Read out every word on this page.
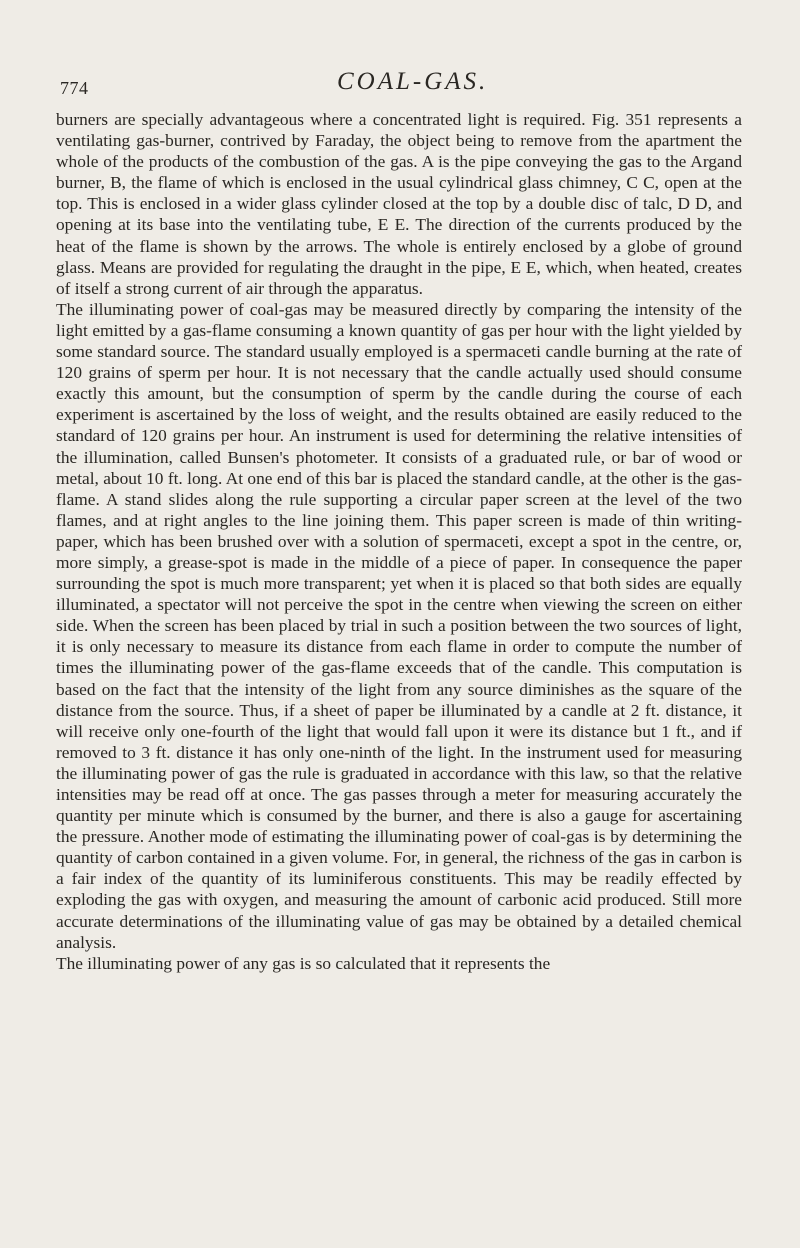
774	COAL-GAS.

burners are specially advantageous where a concentrated light is required. Fig. 351 represents a ventilating gas-burner, contrived by Faraday, the object being to remove from the apartment the whole of the products of the combustion of the gas. A is the pipe conveying the gas to the Argand burner, B, the flame of which is enclosed in the usual cylindrical glass chimney, C C, open at the top. This is enclosed in a wider glass cylinder closed at the top by a double disc of talc, D D, and opening at its base into the ventilating tube, E E. The direction of the currents produced by the heat of the flame is shown by the arrows. The whole is entirely enclosed by a globe of ground glass. Means are provided for regulating the draught in the pipe, E E, which, when heated, creates of itself a strong current of air through the apparatus.

The illuminating power of coal-gas may be measured directly by comparing the intensity of the light emitted by a gas-flame consuming a known quantity of gas per hour with the light yielded by some standard source. The standard usually employed is a spermaceti candle burning at the rate of 120 grains of sperm per hour. It is not necessary that the candle actually used should consume exactly this amount, but the consumption of sperm by the candle during the course of each experiment is ascertained by the loss of weight, and the results obtained are easily reduced to the standard of 120 grains per hour. An instrument is used for determining the relative intensities of the illumination, called Bunsen's photometer. It consists of a graduated rule, or bar of wood or metal, about 10 ft. long. At one end of this bar is placed the standard candle, at the other is the gas-flame. A stand slides along the rule supporting a circular paper screen at the level of the two flames, and at right angles to the line joining them. This paper screen is made of thin writing-paper, which has been brushed over with a solution of spermaceti, except a spot in the centre, or, more simply, a grease-spot is made in the middle of a piece of paper. In consequence the paper surrounding the spot is much more transparent; yet when it is placed so that both sides are equally illuminated, a spectator will not perceive the spot in the centre when viewing the screen on either side. When the screen has been placed by trial in such a position between the two sources of light, it is only necessary to measure its distance from each flame in order to compute the number of times the illuminating power of the gas-flame exceeds that of the candle. This computation is based on the fact that the intensity of the light from any source diminishes as the square of the distance from the source. Thus, if a sheet of paper be illuminated by a candle at 2 ft. distance, it will receive only one-fourth of the light that would fall upon it were its distance but 1 ft., and if removed to 3 ft. distance it has only one-ninth of the light. In the instrument used for measuring the illuminating power of gas the rule is graduated in accordance with this law, so that the relative intensities may be read off at once. The gas passes through a meter for measuring accurately the quantity per minute which is consumed by the burner, and there is also a gauge for ascertaining the pressure. Another mode of estimating the illuminating power of coal-gas is by determining the quantity of carbon contained in a given volume. For, in general, the richness of the gas in carbon is a fair index of the quantity of its luminiferous constituents. This may be readily effected by exploding the gas with oxygen, and measuring the amount of carbonic acid produced. Still more accurate determinations of the illuminating value of gas may be obtained by a detailed chemical analysis.

The illuminating power of any gas is so calculated that it represents the
